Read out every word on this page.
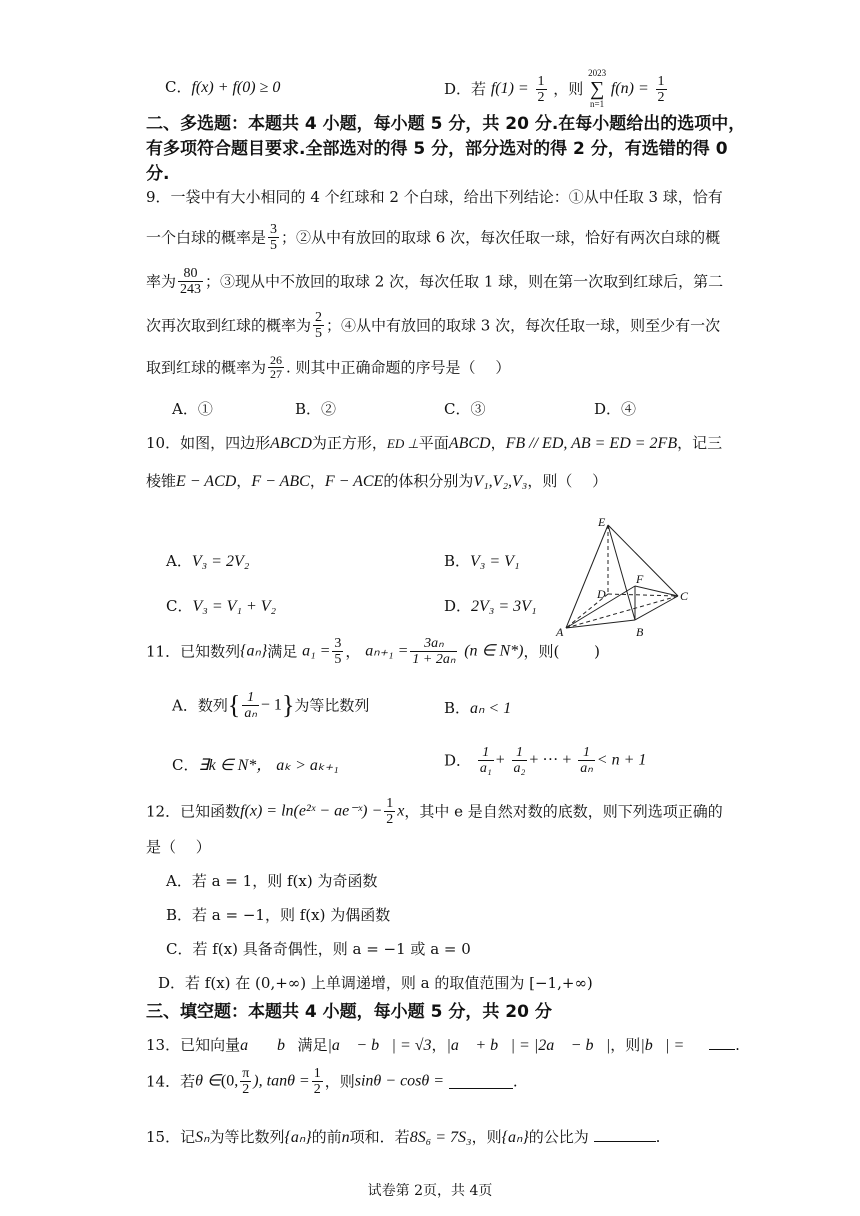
C．f(x) + f(0) ≥ 0	D．若 $f(1) = \frac{1}{2}$ ，则
2023
∑
n=1
$f(n) = \frac{1}{2}$
二、多选题：本题共 4 小题，每小题 5 分，共 20 分.在每小题给出的选项中，
有多项符合题目要求.全部选对的得 5 分，部分选对的得 2 分，有选错的得 0
分.
9．一袋中有大小相同的 4 个红球和 2 个白球，给出下列结论：①从中任取 3 球，恰有
一个白球的概率是 $\frac{3}{5}$ ；②从中有放回的取球 6 次，每次任取一球，恰好有两次白球的概
率为 $\frac{80}{243}$ ；③现从中不放回的取球 2 次，每次任取 1 球，则在第一次取到红球后，第二
次再次取到红球的概率为 $\frac{2}{5}$ ；④从中有放回的取球 3 次，每次任取一球，则至少有一次
取到红球的概率为 $\frac{26}{27}$ . 则其中正确命题的序号是（　 ）
A．①	B．②	C．③	D．④
10．如图，四边形ABCD为正方形，ED ⊥平面ABCD，FB // ED, AB = ED = 2FB，记三
棱锥E − ACD，F − ABC，F − ACE的体积分别为V₁,V₂,V₃，则（　 ）
A．V₃ = 2V₂	B．V₃ = V₁
C．V₃ = V₁ + V₂	D．2V₃ = 3V₁
E
F
D	C
A	B
11．已知数列{aₙ}满足 $a_1 = \frac{3}{5}$ ， $a_{n+1} = \frac{\text{3aₙ}}{\text{1 + 2aₙ}} (n$ ∈ N*)，则(　 　)
A．数列{ $\frac{1}{\text{aₙ}} - 1$}为等比数列	B．aₙ < 1
C．∃k ∈ N*， aₖ > aₖ₊₁	D． $\frac{1}{\text{a₁}} + \frac{1}{\text{a₂}}$ + ··· + $\frac{1}{\text{aₙ}} < n + 1$
12．已知函数f(x) = ln(e²ˣ − ae⁻ˣ) − $\frac{1}{2}$ x，其中 e 是自然对数的底数，则下列选项正确的
是（　 ）
A．若 a = 1，则 f(x) 为奇函数
B．若 a = −1，则 f(x) 为偶函数
C．若 f(x) 具备奇偶性，则 a = −1 或 a = 0
D．若 f(x) 在 (0,+∞) 上单调递增，则 a 的取值范围为 [−1,+∞)
三、填空题：本题共 4 小题，每小题 5 分，共 20 分
13．已知向量a⃗ ，b⃗满足|a⃗ − b⃗| = √3，|a⃗ + b⃗| = |2a⃗ − b⃗|，则|b⃗| =	.
14．若θ ∈(0, $\frac{\pi}{2}$ ), $\tan\theta = \frac{1}{2}$ ，则sinθ − cosθ =	.
15．记Sₙ为等比数列{aₙ}的前n项和．若8S₆ = 7S₃，则{aₙ}的公比为	.
试卷第 2页，共 4页
